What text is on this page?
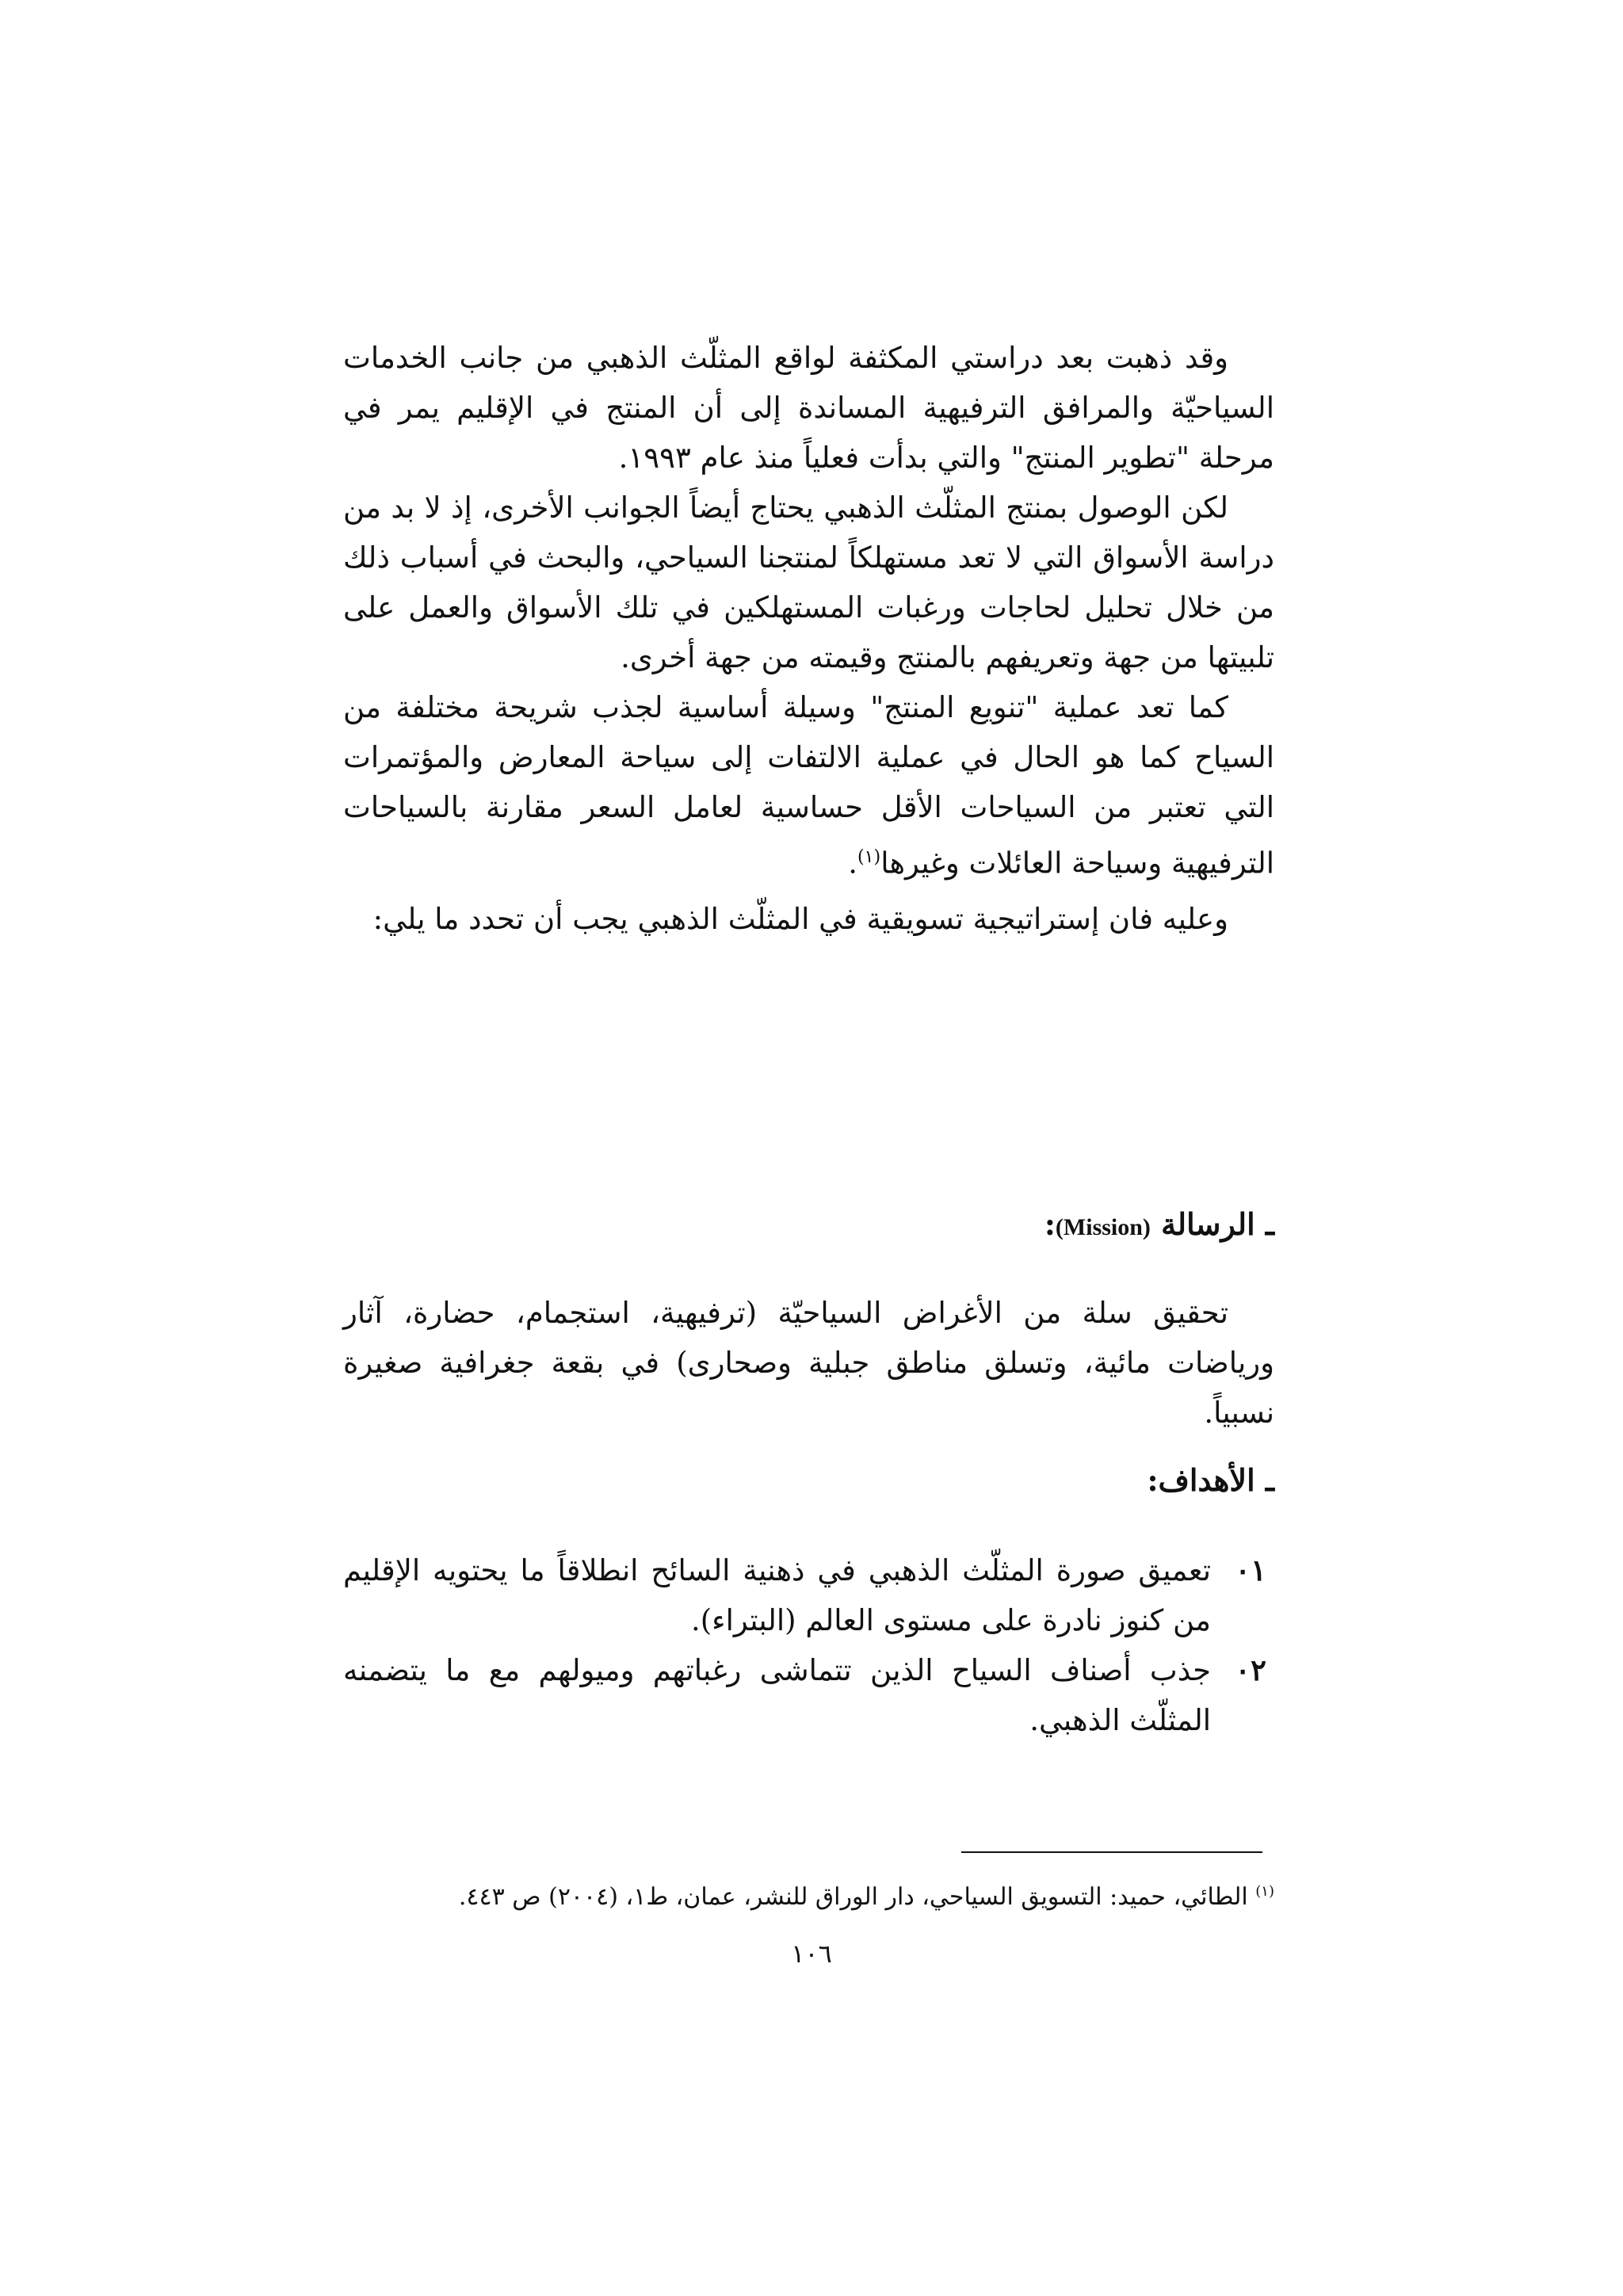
وقد ذهبت بعد دراستي المكثفة لواقع المثلّث الذهبي من جانب الخدمات السياحيّة والمرافق الترفيهية المساندة إلى أن المنتج في الإقليم يمر في مرحلة "تطوير المنتج" والتي بدأت فعلياً منذ عام ١٩٩٣.

لكن الوصول بمنتج المثلّث الذهبي يحتاج أيضاً الجوانب الأخرى، إذ لا بد من دراسة الأسواق التي لا تعد مستهلكاً لمنتجنا السياحي، والبحث في أسباب ذلك من خلال تحليل لحاجات ورغبات المستهلكين في تلك الأسواق والعمل على تلبيتها من جهة وتعريفهم بالمنتج وقيمته من جهة أخرى.

كما تعد عملية "تنويع المنتج" وسيلة أساسية لجذب شريحة مختلفة من السياح كما هو الحال في عملية الالتفات إلى سياحة المعارض والمؤتمرات التي تعتبر من السياحات الأقل حساسية لعامل السعر مقارنة بالسياحات الترفيهية وسياحة العائلات وغيرها$^{(١)}$.

وعليه فان إستراتيجية تسويقية في المثلّث الذهبي يجب أن تحدد ما يلي:

ـ الرسالة (Mission):

تحقيق سلة من الأغراض السياحيّة (ترفيهية، استجمام، حضارة، آثار ورياضات مائية، وتسلق مناطق جبلية وصحارى) في بقعة جغرافية صغيرة نسبياً.

ـ الأهداف:
٠١
تعميق صورة المثلّث الذهبي في ذهنية السائح انطلاقاً ما يحتويه الإقليم من كنوز نادرة على مستوى العالم (البتراء).
٠٢
جذب أصناف السياح الذين تتماشى رغباتهم وميولهم مع ما يتضمنه المثلّث الذهبي.
$^{(١)}$ الطائي، حميد: التسويق السياحي، دار الوراق للنشر، عمان، ط١، (٢٠٠٤) ص ٤٤٣.
١٠٦
